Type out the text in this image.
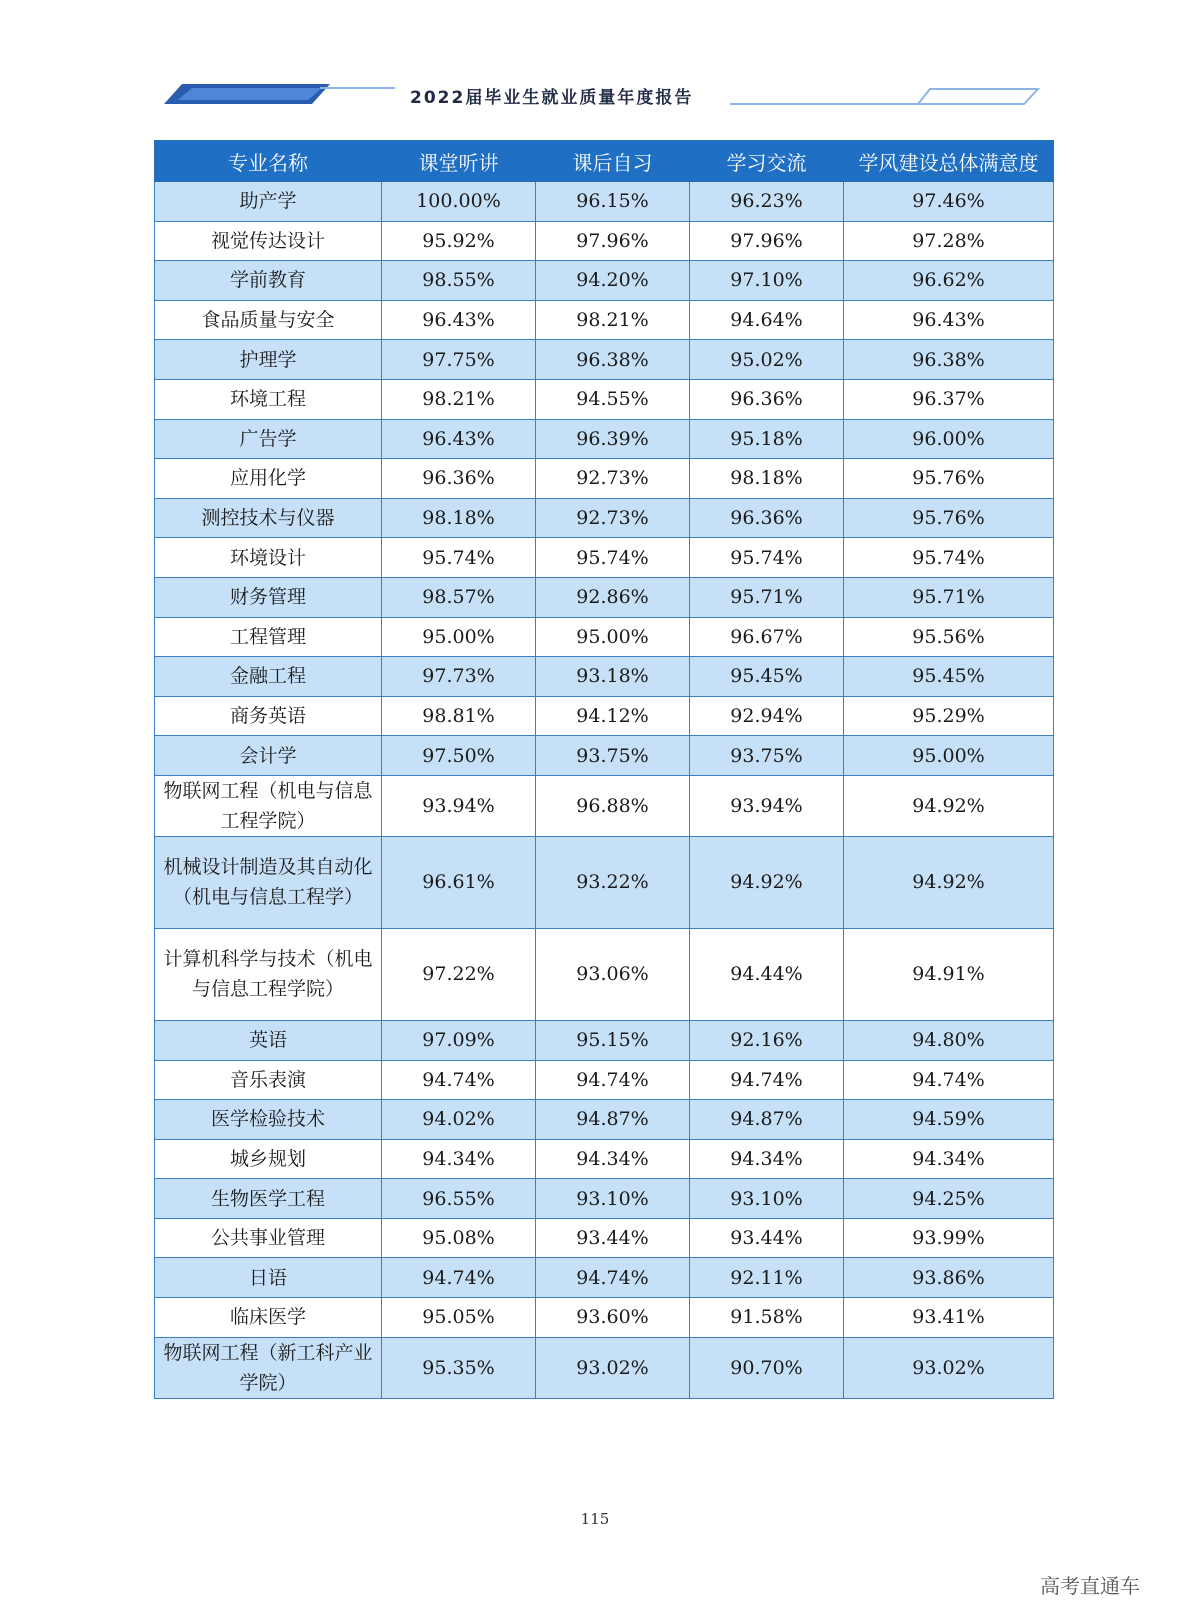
2022届毕业生就业质量年度报告
专业名称	课堂听讲	课后自习	学习交流	学风建设总体满意度
助产学	100.00%	96.15%	96.23%	97.46%
视觉传达设计	95.92%	97.96%	97.96%	97.28%
学前教育	98.55%	94.20%	97.10%	96.62%
食品质量与安全	96.43%	98.21%	94.64%	96.43%
护理学	97.75%	96.38%	95.02%	96.38%
环境工程	98.21%	94.55%	96.36%	96.37%
广告学	96.43%	96.39%	95.18%	96.00%
应用化学	96.36%	92.73%	98.18%	95.76%
测控技术与仪器	98.18%	92.73%	96.36%	95.76%
环境设计	95.74%	95.74%	95.74%	95.74%
财务管理	98.57%	92.86%	95.71%	95.71%
工程管理	95.00%	95.00%	96.67%	95.56%
金融工程	97.73%	93.18%	95.45%	95.45%
商务英语	98.81%	94.12%	92.94%	95.29%
会计学	97.50%	93.75%	93.75%	95.00%
物联网工程（机电与信息工程学院）	93.94%	96.88%	93.94%	94.92%
机械设计制造及其自动化（机电与信息工程学）	96.61%	93.22%	94.92%	94.92%
计算机科学与技术（机电与信息工程学院）	97.22%	93.06%	94.44%	94.91%
英语	97.09%	95.15%	92.16%	94.80%
音乐表演	94.74%	94.74%	94.74%	94.74%
医学检验技术	94.02%	94.87%	94.87%	94.59%
城乡规划	94.34%	94.34%	94.34%	94.34%
生物医学工程	96.55%	93.10%	93.10%	94.25%
公共事业管理	95.08%	93.44%	93.44%	93.99%
日语	94.74%	94.74%	92.11%	93.86%
临床医学	95.05%	93.60%	91.58%	93.41%
物联网工程（新工科产业学院）	95.35%	93.02%	90.70%	93.02%
115
高考直通车
